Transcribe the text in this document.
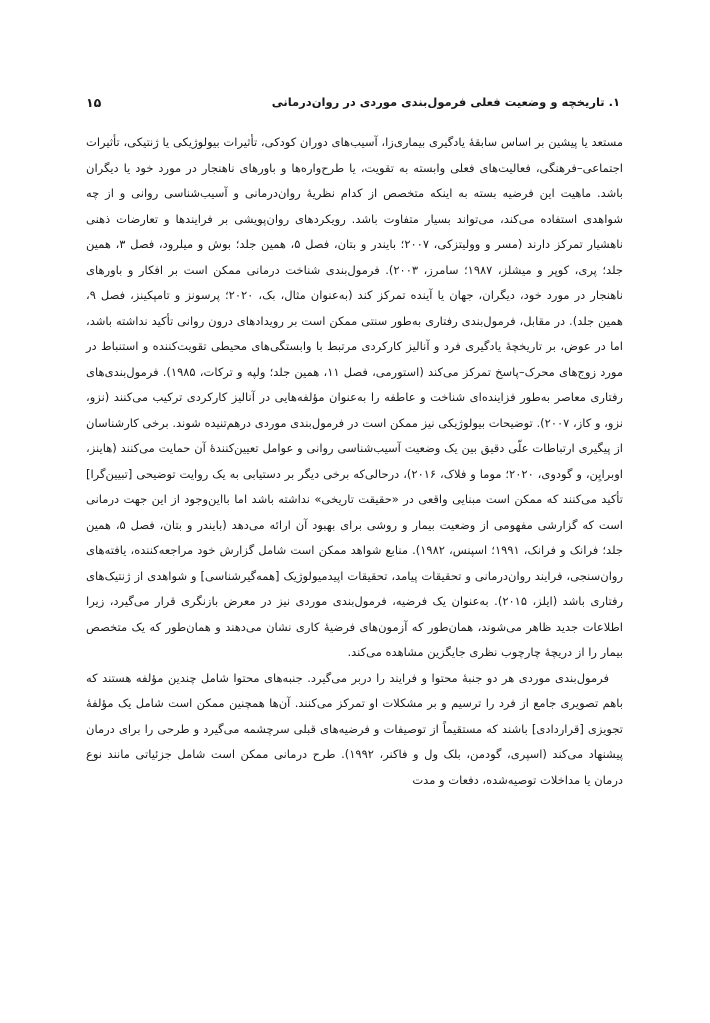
۱. تاریخچه و وضعیت فعلی فرمول‌بندی موردی در روان‌درمانی
۱۵

مستعد یا پیشین بر اساس سابقهٔ یادگیری بیماری‌زا، آسیب‌های دوران کودکی، تأثیرات بیولوژیکی یا ژنتیکی، تأثیرات اجتماعی–فرهنگی، فعالیت‌های فعلی وابسته به تقویت، یا طرح‌واره‌ها و باورهای ناهنجار در مورد خود یا دیگران باشد. ماهیت این فرضیه بسته به اینکه متخصص از کدام نظریهٔ روان‌درمانی و آسیب‌شناسی روانی و از چه شواهدی استفاده می‌کند، می‌تواند بسیار متفاوت باشد. رویکردهای روان‌پویشی بر فرایندها و تعارضات ذهنی ناهشیار تمرکز دارند (مسر و وولیتزکی، ۲۰۰۷؛ بایندر و بتان، فصل ۵، همین جلد؛ بوش و میلرود، فصل ۳، همین جلد؛ پری، کوپر و میشلز، ۱۹۸۷؛ سامرز، ۲۰۰۳). فرمول‌بندی شناخت درمانی ممکن است بر افکار و باورهای ناهنجار در مورد خود، دیگران، جهان یا آینده تمرکز کند (به‌عنوان مثال، بک، ۲۰۲۰؛ پرسونز و تامپکینز، فصل ۹، همین جلد). در مقابل، فرمول‌بندی رفتاری به‌طور سنتی ممکن است بر رویدادهای درون روانی تأکید نداشته باشد، اما در عوض، بر تاریخچهٔ یادگیری فرد و آنالیز کارکردی مرتبط با وابستگی‌های محیطی تقویت‌کننده و استنباط در مورد زوج‌های محرک–پاسخ تمرکز می‌کند (استورمی، فصل ۱۱، همین جلد؛ ولپه و ترکات، ۱۹۸۵). فرمول‌بندی‌های رفتاری معاصر به‌طور فزاینده‌ای شناخت و عاطفه را به‌عنوان مؤلفه‌هایی در آنالیز کارکردی ترکیب می‌کنند (نزو، نزو، و کاز، ۲۰۰۷). توضیحات بیولوژیکی نیز ممکن است در فرمول‌بندی موردی درهم‌تنیده شوند. برخی کارشناسان از پیگیری ارتباطات علّی دقیق بین یک وضعیت آسیب‌شناسی روانی و عوامل تعیین‌کنندهٔ آن حمایت می‌کنند (هاینز، او‌برایِن، و گودوی، ۲۰۲۰؛ موما و فلاک، ۲۰۱۶)، درحالی‌که برخی دیگر بر دستیابی به یک روایت توضیحی [تبیین‌گرا] تأکید می‌کنند که ممکن است مبنایی واقعی در «حقیقت تاریخی» نداشته باشد اما بااین‌وجود از این جهت درمانی است که گزارشی مفهومی از وضعیت بیمار و روشی برای بهبود آن ارائه می‌دهد (بایندر و بتان، فصل ۵، همین جلد؛ فرانک و فرانک، ۱۹۹۱؛ اسپنس، ۱۹۸۲). منابع شواهد ممکن است شامل گزارش خود مراجعه‌کننده، یافته‌های روان‌سنجی، فرایند روان‌درمانی و تحقیقات پیامد، تحقیقات اپیدمیولوژیک [همه‌گیرشناسی] و شواهدی از ژنتیک‌های رفتاری باشد (ایلز، ۲۰۱۵). به‌عنوان یک فرضیه، فرمول‌بندی موردی نیز در معرض بازنگری قرار می‌گیرد، زیرا اطلاعات جدید ظاهر می‌شوند، همان‌طور که آزمون‌های فرضیهٔ کاری نشان می‌دهند و همان‌طور که یک متخصص بیمار را از دریچهٔ چارچوب نظری جایگزین مشاهده می‌کند.

فرمول‌بندی موردی هر دو جنبهٔ محتوا و فرایند را دربر می‌گیرد. جنبه‌های محتوا شامل چندین مؤلفه هستند که باهم تصویری جامع از فرد را ترسیم و بر مشکلات او تمرکز می‌کنند. آن‌ها همچنین ممکن است شامل یک مؤلفهٔ تجویزی [قراردادی] باشند که مستقیماً از توصیفات و فرضیه‌های قبلی سرچشمه می‌گیرد و طرحی را برای درمان پیشنهاد می‌کند (اسپری، گودمن، بلک ول و فاکنر، ۱۹۹۲). طرح درمانی ممکن است شامل جزئیاتی مانند نوع درمان یا مداخلات توصیه‌شده، دفعات و مدت
